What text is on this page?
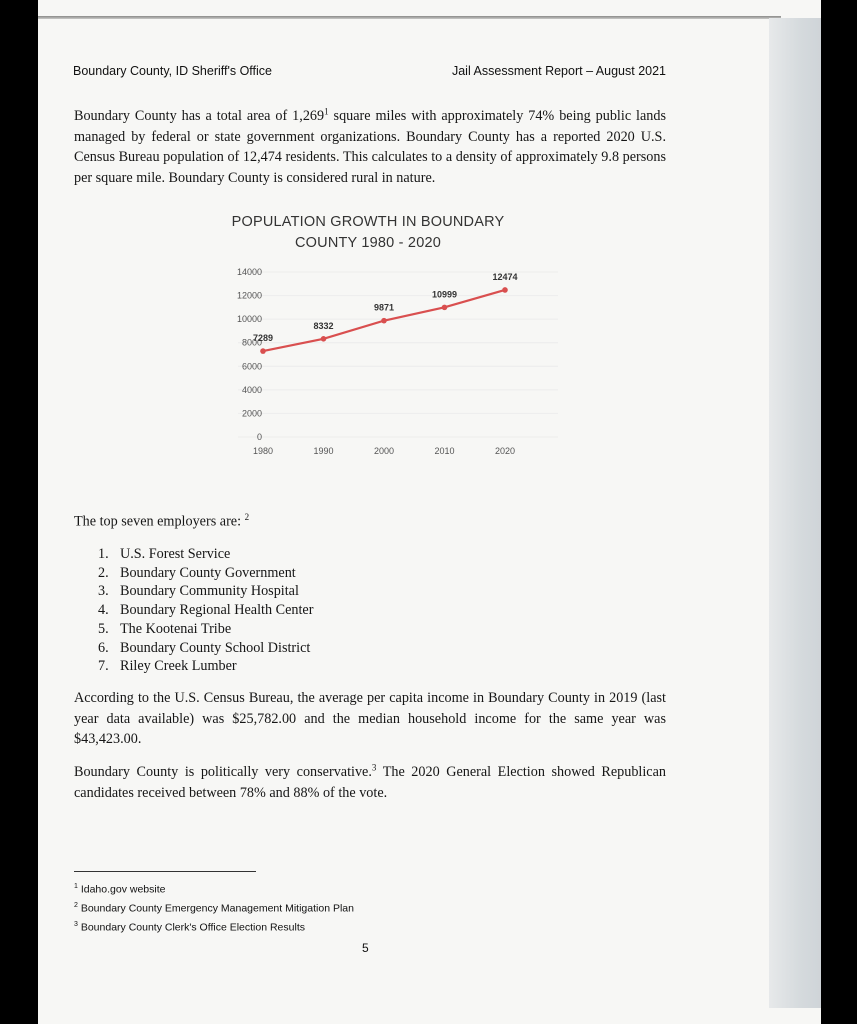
Boundary County, ID Sheriff's Office	Jail Assessment Report – August 2021

Boundary County has a total area of 1,269$^1$ square miles with approximately 74% being public lands managed by federal or state government organizations. Boundary County has a reported 2020 U.S. Census Bureau population of 12,474 residents. This calculates to a density of approximately 9.8 persons per square mile. Boundary County is considered rural in nature.

POPULATION GROWTH IN BOUNDARY
COUNTY 1980 - 2020
0
2000
4000
6000
8000
10000
12000
14000
1980	1990	2000	2010	2020
7289
8332
9871
10999
12474
The top seven employers are: $^2$
1. U.S. Forest Service
2. Boundary County Government
3. Boundary Community Hospital
4. Boundary Regional Health Center
5. The Kootenai Tribe
6. Boundary County School District
7. Riley Creek Lumber

According to the U.S. Census Bureau, the average per capita income in Boundary County in 2019 (last year data available) was $25,782.00 and the median household income for the same year was $43,423.00.

Boundary County is politically very conservative.$^3$ The 2020 General Election showed Republican candidates received between 78% and 88% of the vote.

$^1$ Idaho.gov website
$^2$ Boundary County Emergency Management Mitigation Plan
$^3$ Boundary County Clerk's Office Election Results
5
